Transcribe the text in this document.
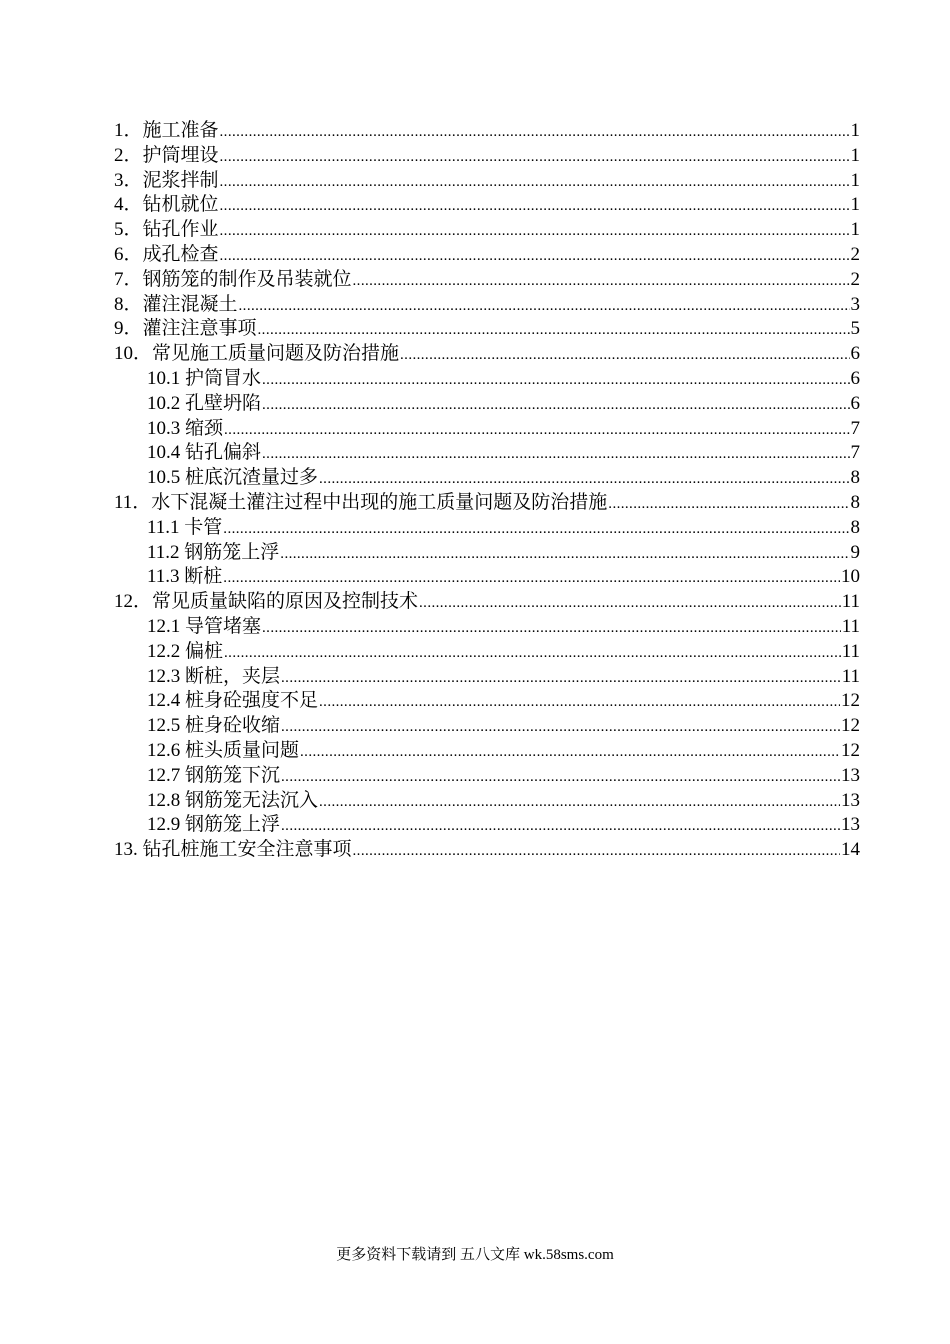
1．施工准备 .....	1
2．护筒埋设 .....	1
3．泥浆拌制 .....	1
4．钻机就位 .....	1
5．钻孔作业 .....	1
6．成孔检查 .....	2
7．钢筋笼的制作及吊装就位 .....	2
8．灌注混凝土 .....	3
9．灌注注意事项 .....	5
10．常见施工质量问题及防治措施 .....	6
10.1 护筒冒水 .....	6
10.2 孔壁坍陷 .....	6
10.3 缩颈 .....	7
10.4 钻孔偏斜 .....	7
10.5 桩底沉渣量过多 .....	8
11．水下混凝土灌注过程中出现的施工质量问题及防治措施 .....	8
11.1 卡管 .....	8
11.2 钢筋笼上浮 .....	9
11.3 断桩 .....	10
12．常见质量缺陷的原因及控制技术 .....	11
12.1 导管堵塞 .....	11
12.2 偏桩 .....	11
12.3 断桩，夹层 .....	11
12.4 桩身砼强度不足 .....	12
12.5 桩身砼收缩 .....	12
12.6 桩头质量问题 .....	12
12.7 钢筋笼下沉 .....	13
12.8 钢筋笼无法沉入 .....	13
12.9 钢筋笼上浮 .....	13
13. 钻孔桩施工安全注意事项 .....	14
更多资料下载请到 五八文库 wk.58sms.com
